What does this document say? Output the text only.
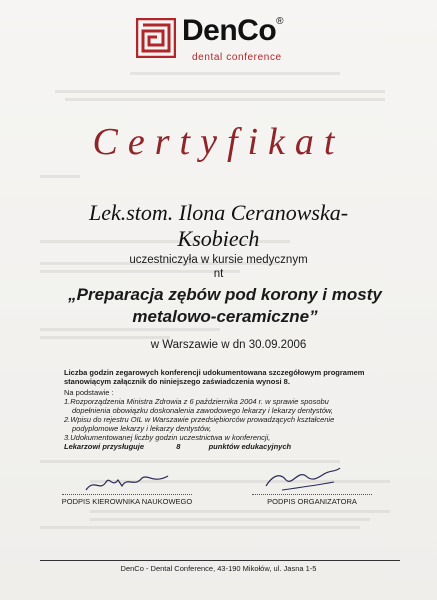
DenCo®
dental conference
Certyfikat
Lek.stom. Ilona Ceranowska-
Ksobiech
uczestniczyła w kursie medycznym
nt
„Preparacja zębów pod korony i mosty
metalowo-ceramiczne”
w Warszawie w dn 30.09.2006
Liczba godzin zegarowych konferencji udokumentowana szczegółowym programem
stanowiącym załącznik do niniejszego zaświadczenia wynosi 8.
Na podstawie :
1.Rozporządzenia Ministra Zdrowia z 6 października 2004 r. w sprawie sposobu
dopełnienia obowiązku doskonalenia zawodowego lekarzy i lekarzy dentystów,
2.Wpisu do rejestru OIL w Warszawie przedsiębiorców prowadzących kształcenie
podyplomowe lekarzy i lekarzy dentystów,
3.Udokumentowanej liczby godzin uczestnictwa w konferencji,
Lekarzowi przysługuje	8	punktów edukacyjnych
PODPIS KIEROWNIKA NAUKOWEGO	PODPIS ORGANIZATORA
DenCo - Dental Conference, 43-190 Mikołów, ul. Jasna 1-5
